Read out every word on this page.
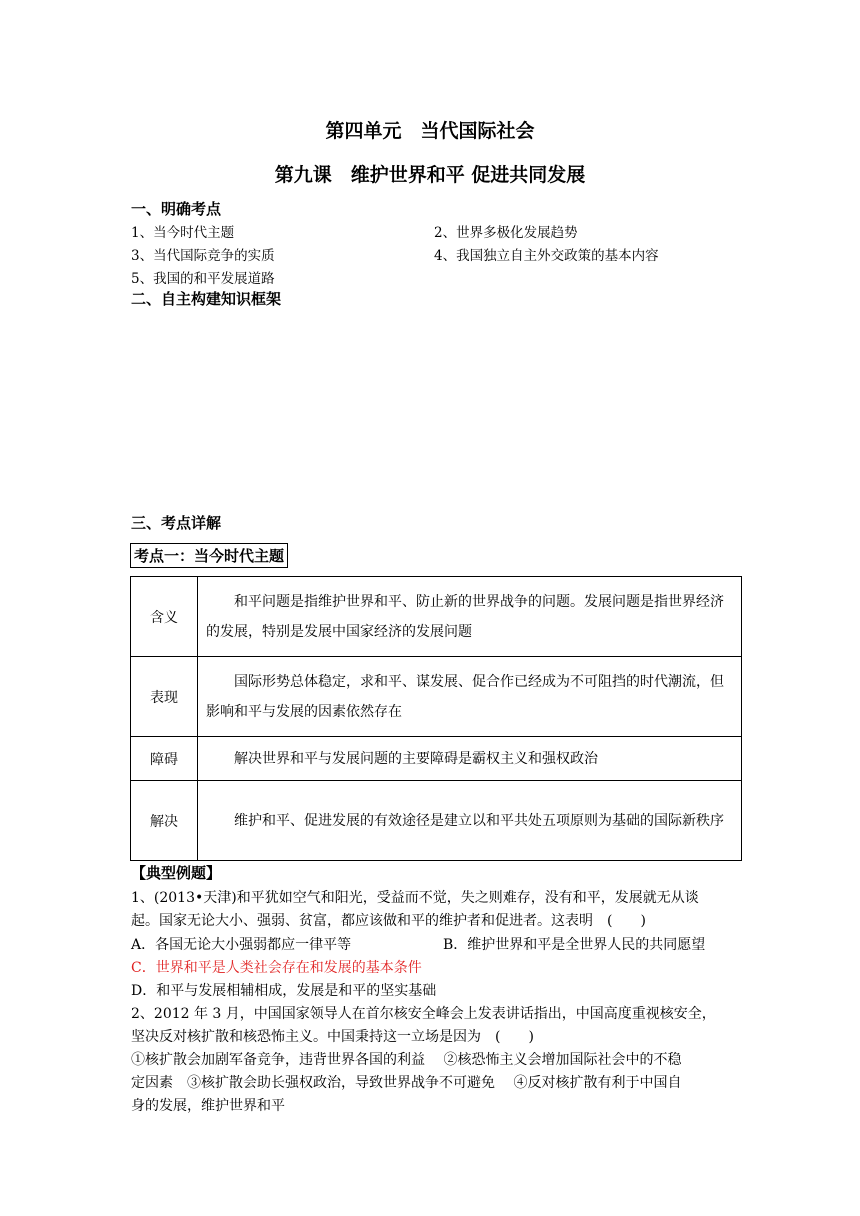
第四单元　当代国际社会
第九课　维护世界和平 促进共同发展
一、明确考点
1、当今时代主题	2、世界多极化发展趋势
3、当代国际竞争的实质	4、我国独立自主外交政策的基本内容
5、我国的和平发展道路
二、自主构建知识框架
三、考点详解
考点一：当今时代主题
含义	和平问题是指维护世界和平、防止新的世界战争的问题。发展问题是指世界经济的发展，特别是发展中国家经济的发展问题
表现	国际形势总体稳定，求和平、谋发展、促合作已经成为不可阻挡的时代潮流，但影响和平与发展的因素依然存在
障碍	解决世界和平与发展问题的主要障碍是霸权主义和强权政治
解决	维护和平、促进发展的有效途径是建立以和平共处五项原则为基础的国际新秩序
【典型例题】
1、(2013•天津)和平犹如空气和阳光，受益而不觉，失之则难存，没有和平，发展就无从谈
起。国家无论大小、强弱、贫富，都应该做和平的维护者和促进者。这表明　(　　)
A．各国无论大小强弱都应一律平等	B．维护世界和平是全世界人民的共同愿望
C．世界和平是人类社会存在和发展的基本条件
D．和平与发展相辅相成，发展是和平的坚实基础
2、2012 年 3 月，中国国家领导人在首尔核安全峰会上发表讲话指出，中国高度重视核安全，
坚决反对核扩散和核恐怖主义。中国秉持这一立场是因为　(　　)
①核扩散会加剧军备竞争，违背世界各国的利益　 ②核恐怖主义会增加国际社会中的不稳
定因素　③核扩散会助长强权政治，导致世界战争不可避免　 ④反对核扩散有利于中国自
身的发展，维护世界和平
